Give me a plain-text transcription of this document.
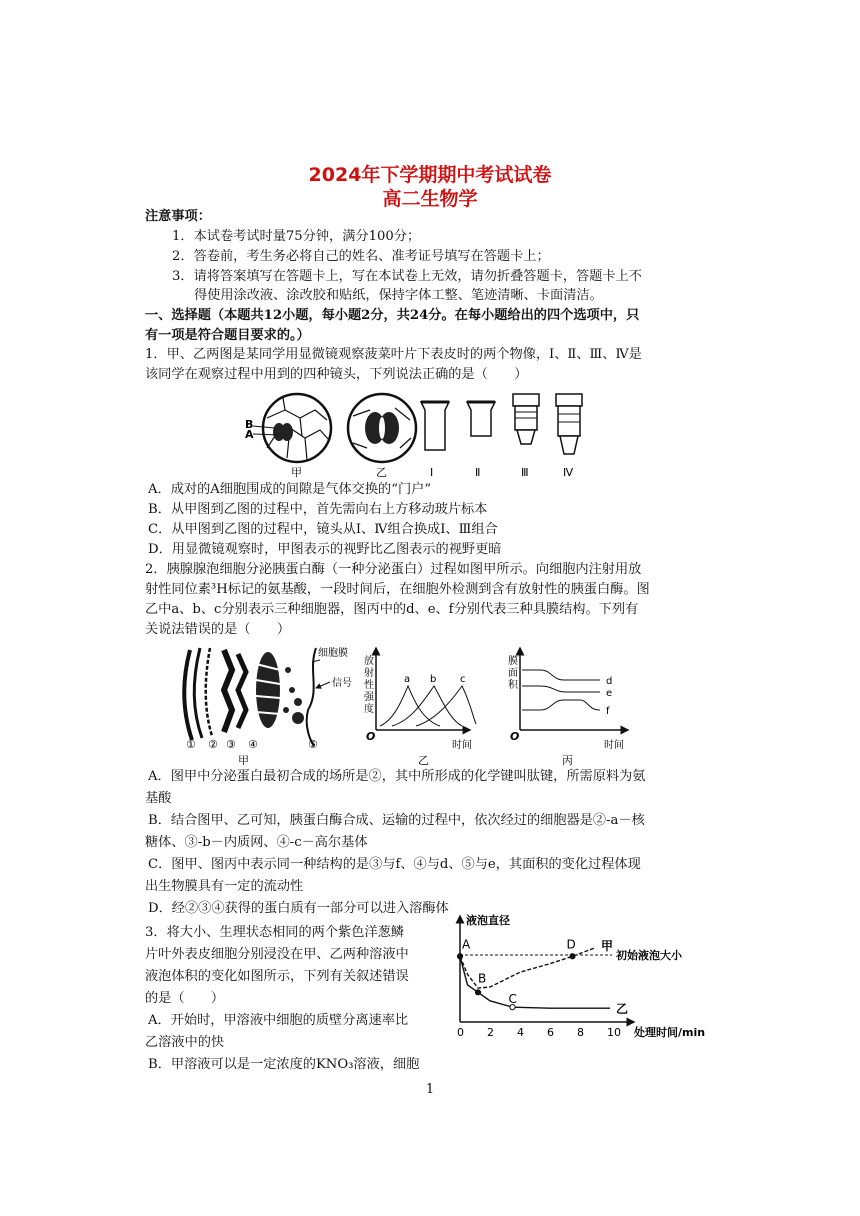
2024年下学期期中考试试卷
高二生物学
注意事项：
1．本试卷考试时量75分钟，满分100分；
2．答卷前，考生务必将自己的姓名、准考证号填写在答题卡上；
3．请将答案填写在答题卡上，写在本试卷上无效，请勿折叠答题卡，答题卡上不
得使用涂改液、涂改胶和贴纸，保持字体工整、笔迹清晰、卡面清洁。
一、选择题（本题共12小题，每小题2分，共24分。在每小题给出的四个选项中，只
有一项是符合题目要求的。）
1．甲、乙两图是某同学用显微镜观察菠菜叶片下表皮时的两个物像，Ⅰ、Ⅱ、Ⅲ、Ⅳ是
该同学在观察过程中用到的四种镜头，下列说法正确的是（　　）
B
A
甲	乙	Ⅰ	Ⅱ	Ⅲ	Ⅳ
A．成对的A细胞围成的间隙是气体交换的“门户”
B．从甲图到乙图的过程中，首先需向右上方移动玻片标本
C．从甲图到乙图的过程中，镜头从Ⅰ、Ⅳ组合换成Ⅰ、Ⅲ组合
D．用显微镜观察时，甲图表示的视野比乙图表示的视野更暗
2．胰腺腺泡细胞分泌胰蛋白酶（一种分泌蛋白）过程如图甲所示。向细胞内注射用放
射性同位素³H标记的氨基酸，一段时间后，在细胞外检测到含有放射性的胰蛋白酶。图
乙中a、b、c分别表示三种细胞器，图丙中的d、e、f分别代表三种具膜结构。下列有
关说法错误的是（　　）
细胞膜
信号
① ② ③ ④	⑤
甲
放
射
性
强
度
O
a b c
时间
乙
膜
面
积
O
d
e
f
时间
丙
A．图甲中分泌蛋白最初合成的场所是②，其中所形成的化学键叫肽键，所需原料为氨
基酸
B．结合图甲、乙可知，胰蛋白酶合成、运输的过程中，依次经过的细胞器是②-a－核
糖体、③-b－内质网、④-c－高尔基体
C．图甲、图丙中表示同一种结构的是③与f、④与d、⑤与e，其面积的变化过程体现
出生物膜具有一定的流动性
D．经②③④获得的蛋白质有一部分可以进入溶酶体
3．将大小、生理状态相同的两个紫色洋葱鳞
片叶外表皮细胞分别浸没在甲、乙两种溶液中
液泡体积的变化如图所示，下列有关叙述错误
的是（　　）
A．开始时，甲溶液中细胞的质壁分离速率比
乙溶液中的快
B．甲溶液可以是一定浓度的KNO₃溶液，细胞
液泡直径
处理时间/min
初始液泡大小
0 2 4 6 8 10
甲
乙
A
B
C
D
1
